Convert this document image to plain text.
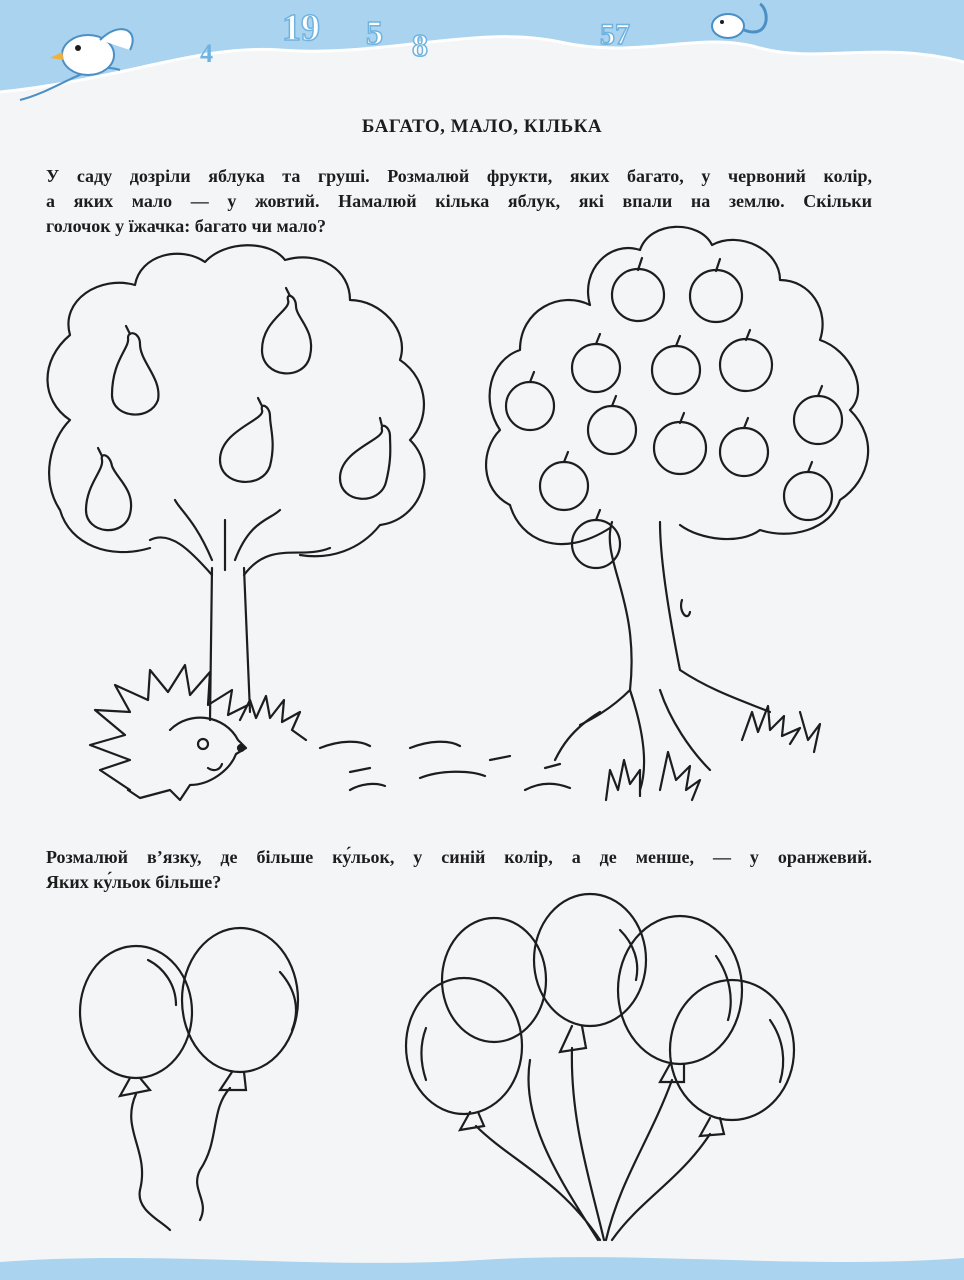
4
19 5 8	57
БАГАТО, МАЛО, КІЛЬКА
У саду дозріли яблука та груші. Розмалюй фрукти, яких багато, у червоний колір,
а яких мало — у жовтий. Намалюй кілька яблук, які впали на землю. Скільки
голочок у їжачка: багато чи мало?
Розмалюй в’язку, де більше ку́льок, у синій колір, а де менше, — у оранжевий.
Яких ку́льок більше?
